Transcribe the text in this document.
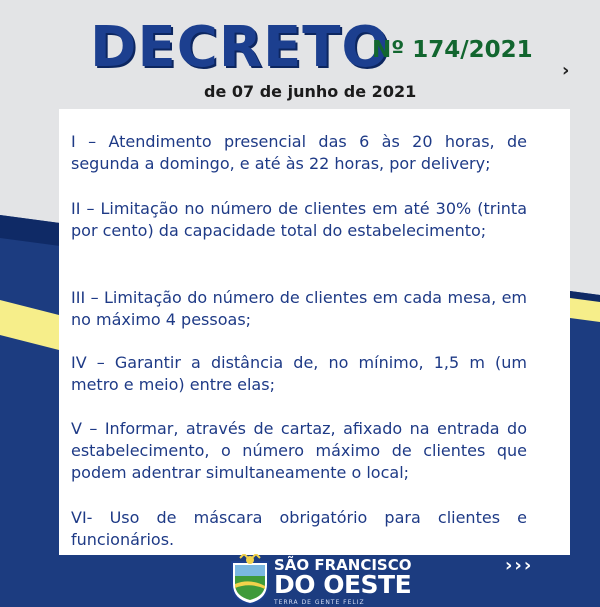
DECRETO
Nº 174/2021
de 07 de junho de 2021
›
I – Atendimento presencial das 6 às 20 horas, de segunda a domingo, e até às 22 horas, por delivery;
II – Limitação no número de clientes em até 30% (trinta por cento) da capacidade total do estabelecimento;
III – Limitação do número de clientes em cada mesa, em no máximo 4 pessoas;
IV – Garantir a distância de, no mínimo, 1,5 m (um metro e meio) entre elas;
V – Informar, através de cartaz, afixado na entrada do estabelecimento, o número máximo de clientes que podem adentrar simultaneamente o local;
VI- Uso de máscara obrigatório para clientes e funcionários.
›››
SÃO FRANCISCO
DO OESTE
TERRA DE GENTE FELIZ
